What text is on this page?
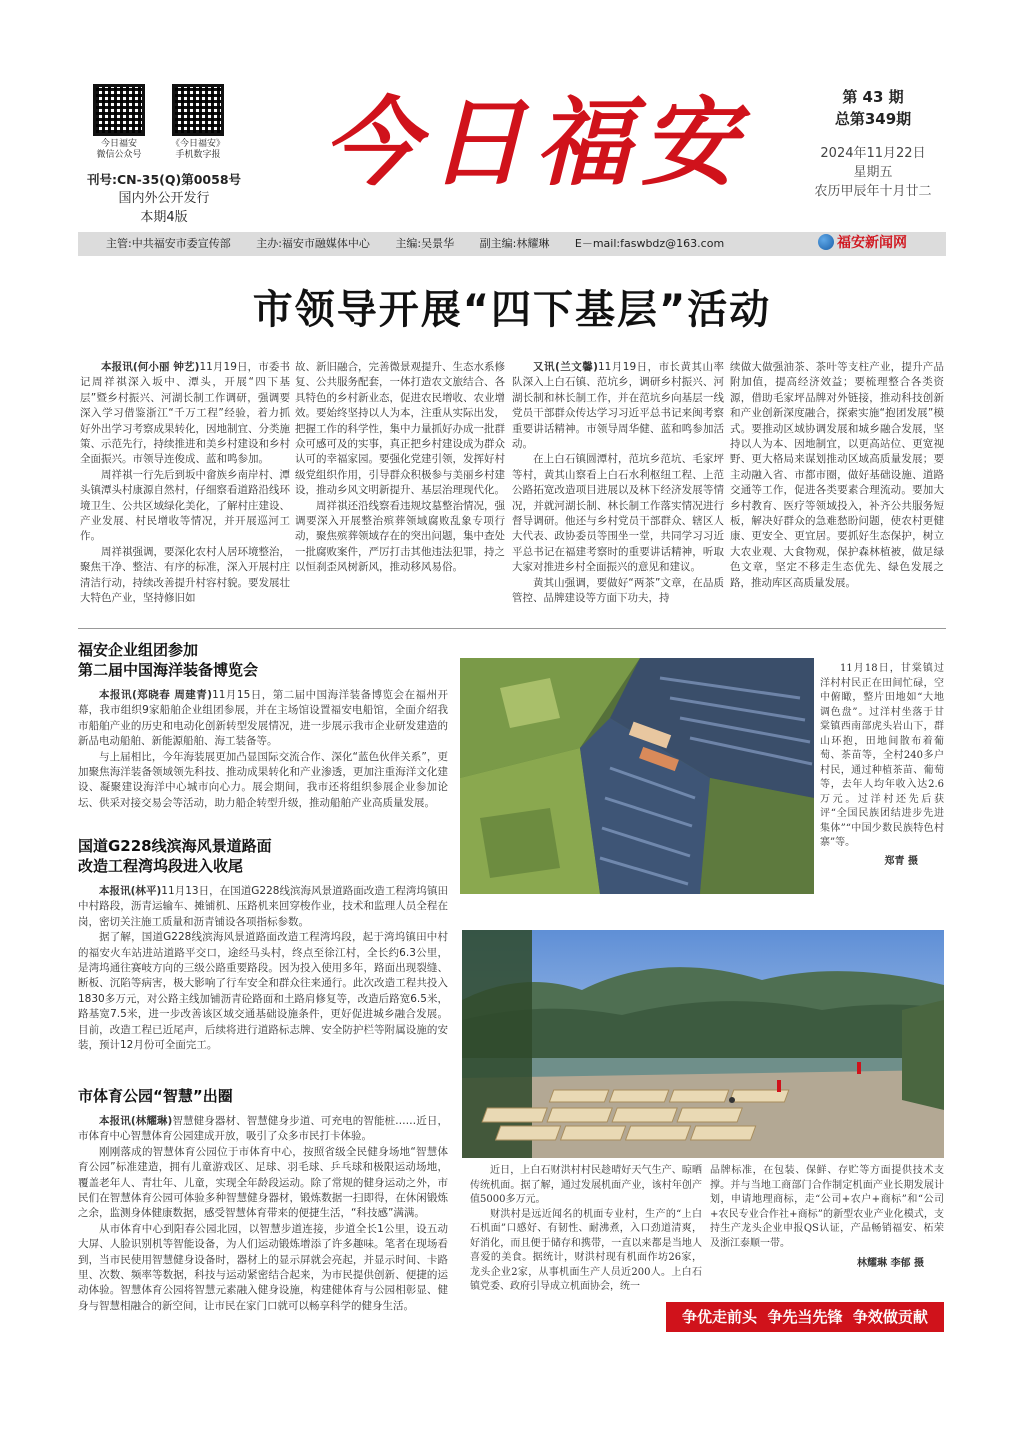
今日福安
微信公众号
《今日福安》
手机数字报
刊号:CN-35(Q)第0058号
国内外公开发行
本期4版
今日福安	第 43 期
总第349期
2024年11月22日
星期五
农历甲辰年十月廿二
主管:中共福安市委宣传部 主办:福安市融媒体中心 主编:吴景华 副主编:林耀琳 E－mail:faswbdz@163.com	福安新闻网
市领导开展“四下基层”活动

本报讯(何小丽 钟艺)11月19日，市委书记周祥祺深入坂中、潭头，开展“四下基层”暨乡村振兴、河湖长制工作调研，强调要深入学习借鉴浙江“千万工程”经验，着力抓好外出学习考察成果转化，因地制宜、分类施策、示范先行，持续推进和美乡村建设和乡村全面振兴。市领导连俊成、蓝和鸣参加。

周祥祺一行先后到坂中畲族乡南岸村、潭头镇潭头村康源自然村，仔细察看道路沿线环境卫生、公共区域绿化美化，了解村庄建设、产业发展、村民增收等情况，并开展巡河工作。

周祥祺强调，要深化农村人居环境整治，聚焦干净、整洁、有序的标准，深入开展村庄清洁行动，持续改善提升村容村貌。要发展壮大特色产业，坚持修旧如

故、新旧融合，完善微景观提升、生态水系修复、公共服务配套，一体打造农文旅结合、各具特色的乡村新业态，促进农民增收、农业增效。要始终坚持以人为本，注重从实际出发，把握工作的科学性，集中力量抓好办成一批群众可感可及的实事，真正把乡村建设成为群众认可的幸福家园。要强化党建引领，发挥好村级党组织作用，引导群众积极参与美丽乡村建设，推动乡风文明新提升、基层治理现代化。

周祥祺还沿线察看违规坟墓整治情况，强调要深入开展整治殡葬领域腐败乱象专项行动，聚焦殡葬领域存在的突出问题，集中查处一批腐败案件，严厉打击其他违法犯罪，持之以恒刹歪风树新风，推动移风易俗。

又讯(兰文馨)11月19日，市长黄其山率队深入上白石镇、范坑乡，调研乡村振兴、河湖长制和林长制工作，并在范坑乡向基层一线党员干部群众传达学习习近平总书记来闽考察重要讲话精神。市领导周华健、蓝和鸣参加活动。

在上白石镇圆潭村，范坑乡范坑、毛家坪等村，黄其山察看上白石水利枢纽工程、上范公路拓宽改造项目进展以及林下经济发展等情况，并就河湖长制、林长制工作落实情况进行督导调研。他还与乡村党员干部群众、辖区人大代表、政协委员等围坐一堂，共同学习习近平总书记在福建考察时的重要讲话精神，听取大家对推进乡村全面振兴的意见和建议。

黄其山强调，要做好“两茶”文章，在品质管控、品牌建设等方面下功夫，持

续做大做强油茶、茶叶等支柱产业，提升产品附加值，提高经济效益；要梳理整合各类资源，借助毛家坪品牌对外链接，推动科技创新和产业创新深度融合，探索实施“抱团发展”模式。要推动区域协调发展和城乡融合发展，坚持以人为本、因地制宜，以更高站位、更宽视野、更大格局来谋划推动区域高质量发展；要主动融入省、市都市圈，做好基础设施、道路交通等工作，促进各类要素合理流动。要加大乡村教育、医疗等领域投入，补齐公共服务短板，解决好群众的急难愁盼问题，使农村更健康、更安全、更宜居。要抓好生态保护，树立大农业观、大食物观，保护森林植被，做足绿色文章，坚定不移走生态优先、绿色发展之路，推动库区高质量发展。

福安企业组团参加
第二届中国海洋装备博览会

本报讯(郑晓春 周建青)11月15日，第二届中国海洋装备博览会在福州开幕，我市组织9家船舶企业组团参展，并在主场馆设置福安电船馆，全面介绍我市船舶产业的历史和电动化创新转型发展情况，进一步展示我市企业研发建造的新品电动船舶、新能源船舶、海工装备等。

与上届相比，今年海装展更加凸显国际交流合作、深化“蓝色伙伴关系”，更加聚焦海洋装备领域领先科技、推动成果转化和产业渗透，更加注重海洋文化建设、凝聚建设海洋中心城市向心力。展会期间，我市还将组织参展企业参加论坛、供采对接交易会等活动，助力船企转型升级，推动船舶产业高质量发展。

国道G228线滨海风景道路面
改造工程湾坞段进入收尾

本报讯(林平)11月13日，在国道G228线滨海风景道路面改造工程湾坞镇田中村路段，沥青运输车、摊铺机、压路机来回穿梭作业，技术和监理人员全程在岗，密切关注施工质量和沥青铺设各项指标参数。

据了解，国道G228线滨海风景道路面改造工程湾坞段，起于湾坞镇田中村的福安火车站进站道路平交口，途经马头村，终点至徐江村，全长约6.3公里，是湾坞通往赛岐方向的三级公路重要路段。因为投入使用多年，路面出现裂缝、断板、沉陷等病害，极大影响了行车安全和群众往来通行。此次改造工程共投入1830多万元，对公路主线加铺沥青砼路面和土路肩修复等，改造后路宽6.5米，路基宽7.5米，进一步改善该区域交通基础设施条件，更好促进城乡融合发展。目前，改造工程已近尾声，后续将进行道路标志牌、安全防护栏等附属设施的安装，预计12月份可全面完工。

市体育公园“智慧”出圈

本报讯(林耀琳)智慧健身器材、智慧健身步道、可充电的智能桩……近日，市体育中心智慧体育公园建成开放，吸引了众多市民打卡体验。

刚刚落成的智慧体育公园位于市体育中心，按照省级全民健身场地“智慧体育公园”标准建造，拥有儿童游戏区、足球、羽毛球、乒乓球和极限运动场地，覆盖老年人、青壮年、儿童，实现全年龄段运动。除了常规的健身运动之外，市民们在智慧体育公园可体验多种智慧健身器材，锻炼数据一扫即得，在休闲锻炼之余，监测身体健康数据，感受智慧体育带来的便捷生活，“科技感”满满。

从市体育中心到阳春公园北园，以智慧步道连接，步道全长1公里，设五动大屏、人脸识别机等智能设备，为人们运动锻炼增添了许多趣味。笔者在现场看到，当市民使用智慧健身设备时，器材上的显示屏就会亮起，并显示时间、卡路里、次数、频率等数据，科技与运动紧密结合起来，为市民提供创新、便捷的运动体验。智慧体育公园将智慧元素融入健身设施，构建健体育与公园相彰显、健身与智慧相融合的新空间，让市民在家门口就可以畅享科学的健身生活。

11月18日，甘棠镇过洋村村民正在田间忙碌，空中俯瞰，整片田地如“大地调色盘”。过洋村坐落于甘棠镇西南部虎头岩山下，群山环抱，田地间散布着葡萄、茶苗等，全村240多户村民，通过种植茶苗、葡萄等，去年人均年收入达2.6万元。过洋村还先后获评“全国民族团结进步先进集体”“中国少数民族特色村寨”等。

郑青 摄

近日，上白石财洪村村民趁晴好天气生产、晾晒传统机面。据了解，通过发展机面产业，该村年创产值5000多万元。

财洪村是远近闻名的机面专业村，生产的“上白石机面”口感好、有韧性、耐沸煮，入口劲道清爽，好消化，而且便于储存和携带，一直以来都是当地人喜爱的美食。据统计，财洪村现有机面作坊26家，龙头企业2家，从事机面生产人员近200人。上白石镇党委、政府引导成立机面协会，统一

品牌标准，在包装、保鲜、存贮等方面提供技术支撑。并与当地工商部门合作制定机面产业长期发展计划，申请地理商标，走“公司+农户+商标”和“公司+农民专业合作社+商标”的新型农业产业化模式，支持生产龙头企业申报QS认证，产品畅销福安、柘荣及浙江泰顺一带。

林耀琳 李郁 摄
争优走前头  争先当先锋  争效做贡献
